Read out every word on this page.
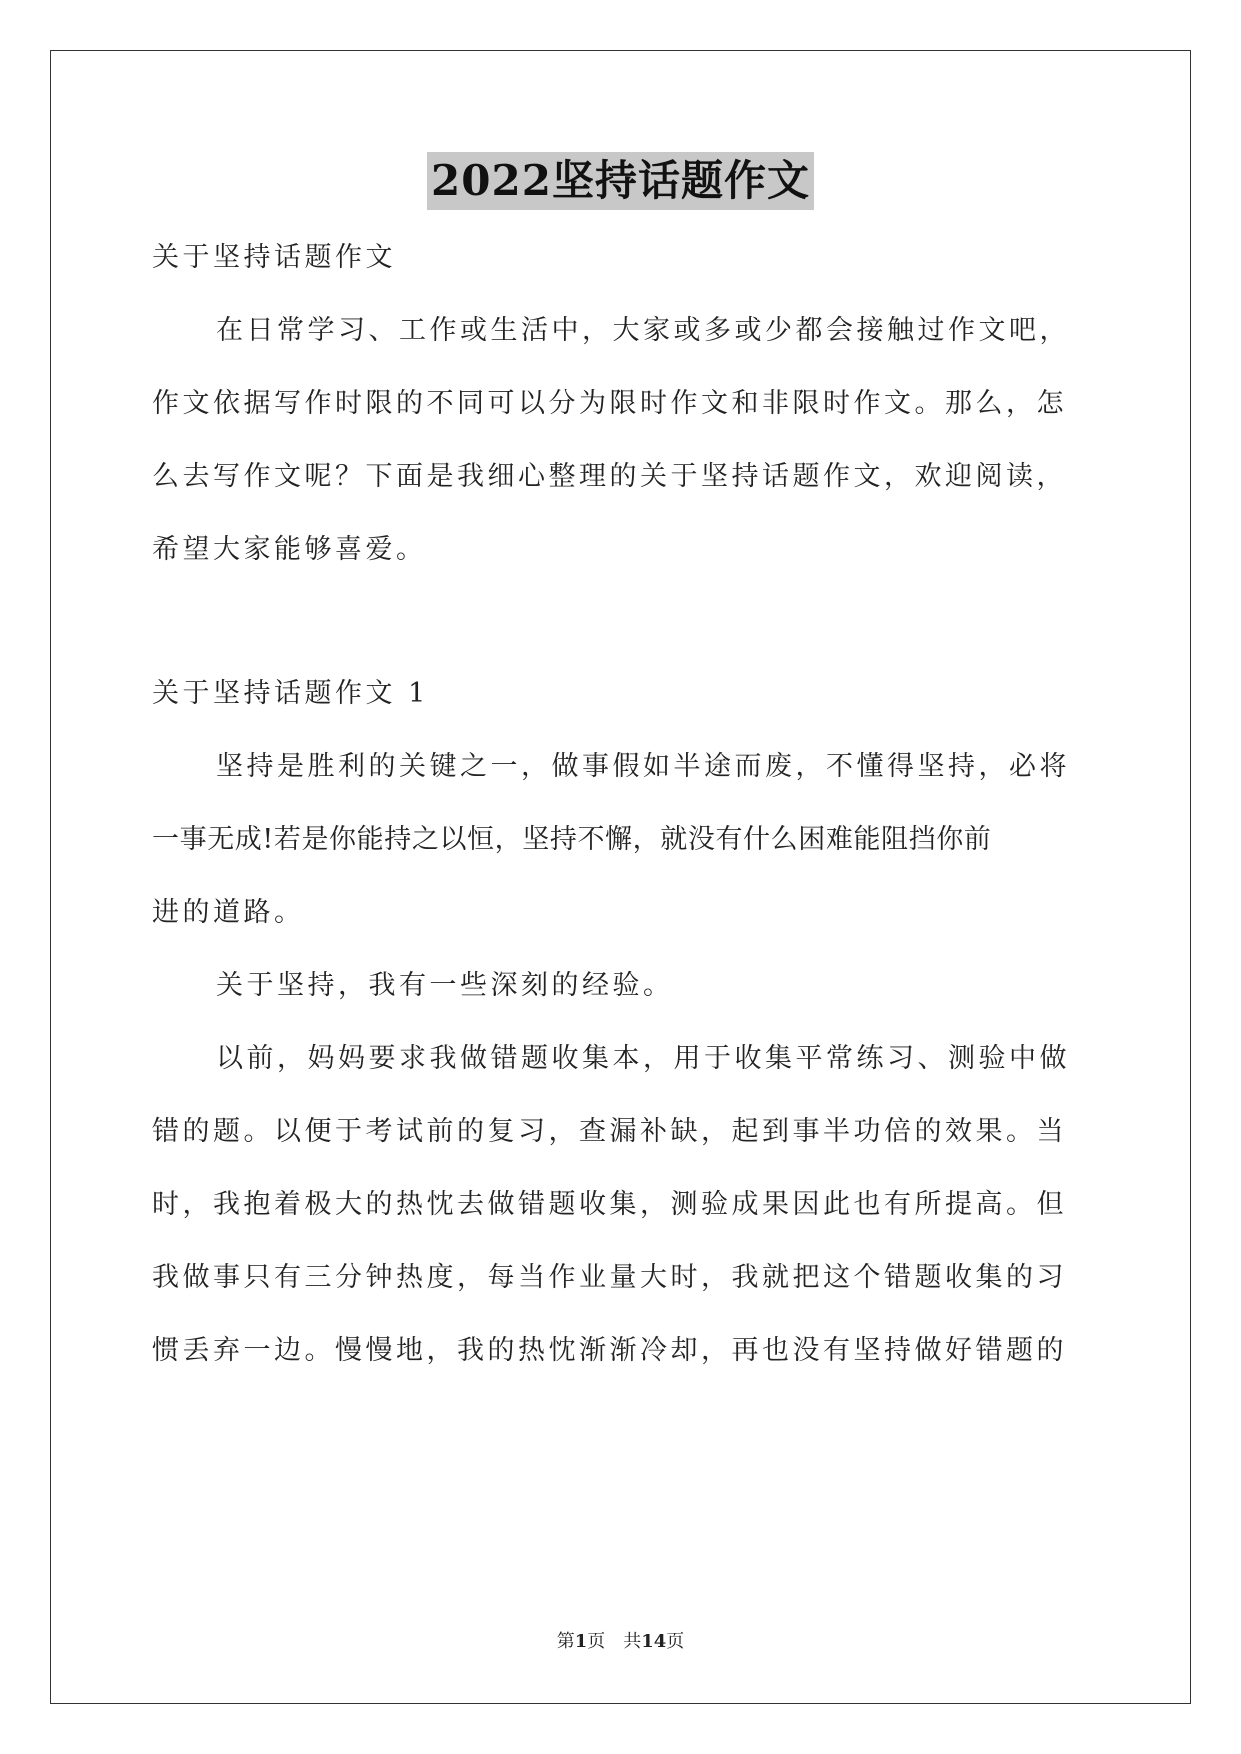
2022坚持话题作文
关于坚持话题作文
在日常学习、工作或生活中，大家或多或少都会接触过作文吧，
作文依据写作时限的不同可以分为限时作文和非限时作文。那么，怎
么去写作文呢？下面是我细心整理的关于坚持话题作文，欢迎阅读，
希望大家能够喜爱。
关于坚持话题作文 1
坚持是胜利的关键之一，做事假如半途而废，不懂得坚持，必将
一事无成!若是你能持之以恒，坚持不懈，就没有什么困难能阻挡你前
进的道路。
关于坚持，我有一些深刻的经验。
以前，妈妈要求我做错题收集本，用于收集平常练习、测验中做
错的题。以便于考试前的复习，查漏补缺，起到事半功倍的效果。当
时，我抱着极大的热忱去做错题收集，测验成果因此也有所提高。但
我做事只有三分钟热度，每当作业量大时，我就把这个错题收集的习
惯丢弃一边。慢慢地，我的热忱渐渐冷却，再也没有坚持做好错题的
第1页　共14页
